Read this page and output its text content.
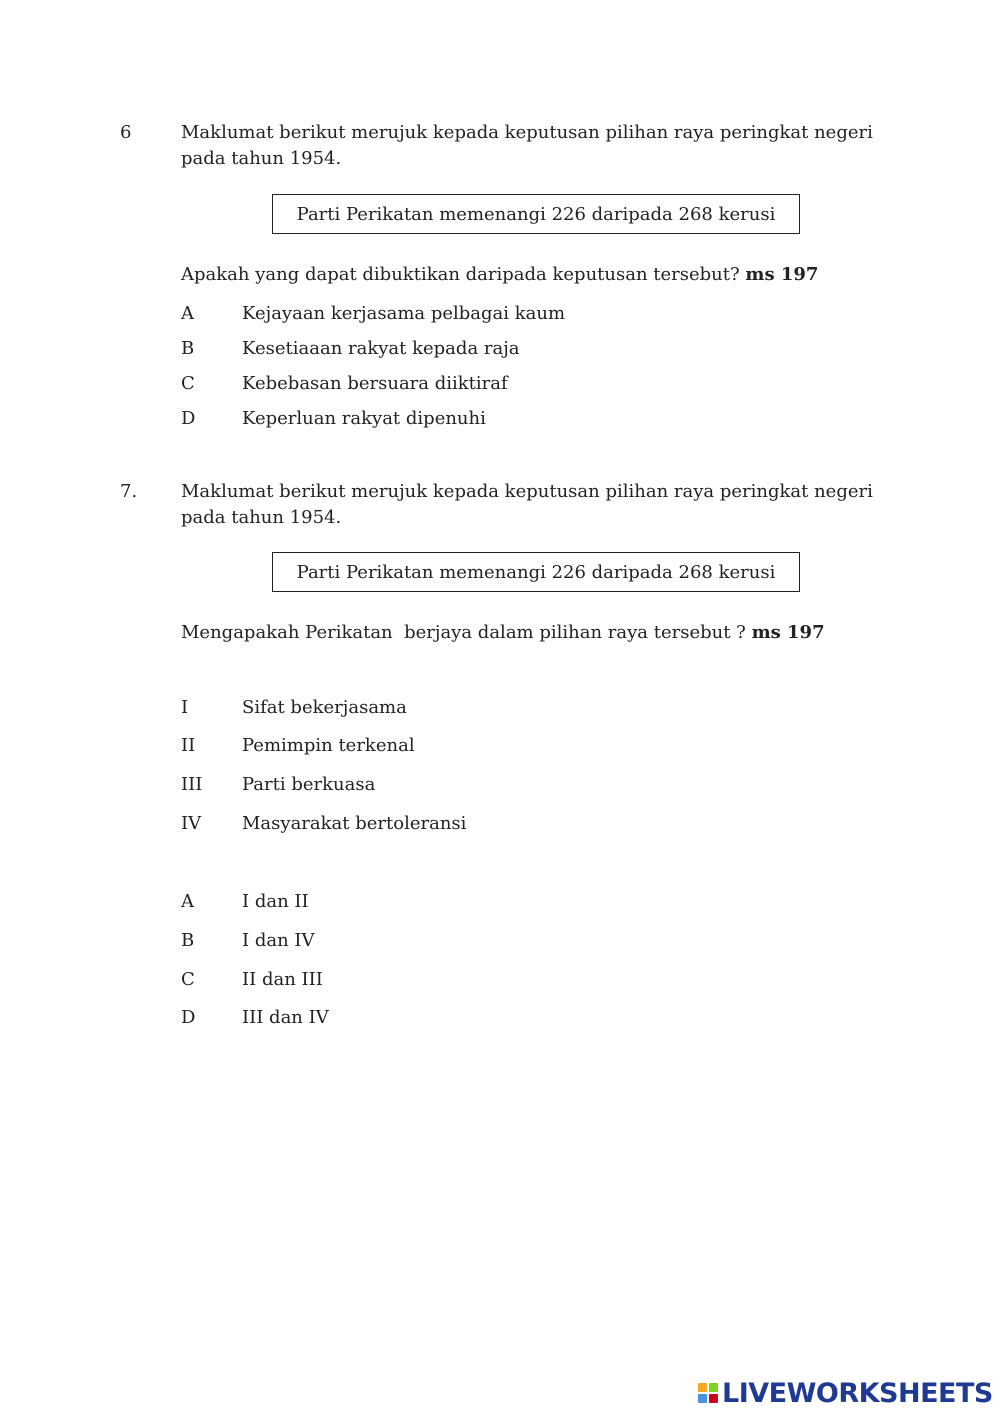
6	Maklumat berikut merujuk kepada keputusan pilihan raya peringkat negeri pada tahun 1954.
Parti Perikatan memenangi 226 daripada 268 kerusi
Apakah yang dapat dibuktikan daripada keputusan tersebut? ms 197
A	Kejayaan kerjasama pelbagai kaum
B	Kesetiaaan rakyat kepada raja
C	Kebebasan bersuara diiktiraf
D	Keperluan rakyat dipenuhi
7. Maklumat berikut merujuk kepada keputusan pilihan raya peringkat negeri pada tahun 1954.
Parti Perikatan memenangi 226 daripada 268 kerusi
Mengapakah Perikatan  berjaya dalam pilihan raya tersebut ? ms 197
I	Sifat bekerjasama
II	Pemimpin terkenal
III Parti berkuasa
IV Masyarakat bertoleransi
A	I dan II
B	I dan IV
C	II dan III
D	III dan IV
LIVEWORKSHEETS
